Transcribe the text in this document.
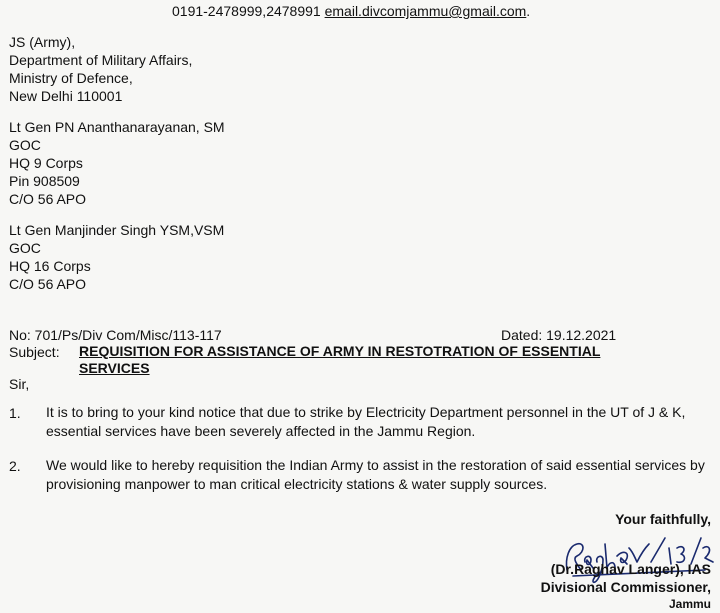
0191-2478999,2478991 email.divcomjammu@gmail.com.
JS (Army),
Department of Military Affairs,
Ministry of Defence,
New Delhi 110001
Lt Gen PN Ananthanarayanan, SM
GOC
HQ 9 Corps
Pin 908509
C/O 56 APO
Lt Gen Manjinder Singh YSM,VSM
GOC
HQ 16 Corps
C/O 56 APO
No: 701/Ps/Div Com/Misc/113-117	Dated: 19.12.2021
Subject: REQUISITION FOR ASSISTANCE OF ARMY IN RESTOTRATION OF ESSENTIAL
SERVICES
Sir,
1. It is to bring to your kind notice that due to strike by Electricity Department personnel in the UT of J & K, essential services have been severely affected in the Jammu Region.
2. We would like to hereby requisition the Indian Army to assist in the restoration of said essential services by provisioning manpower to man critical electricity stations & water supply sources.
Your faithfully,
Raghav 19/12/2
(Dr.Raghav Langer), IAS
Divisional Commissioner,
Jammu
